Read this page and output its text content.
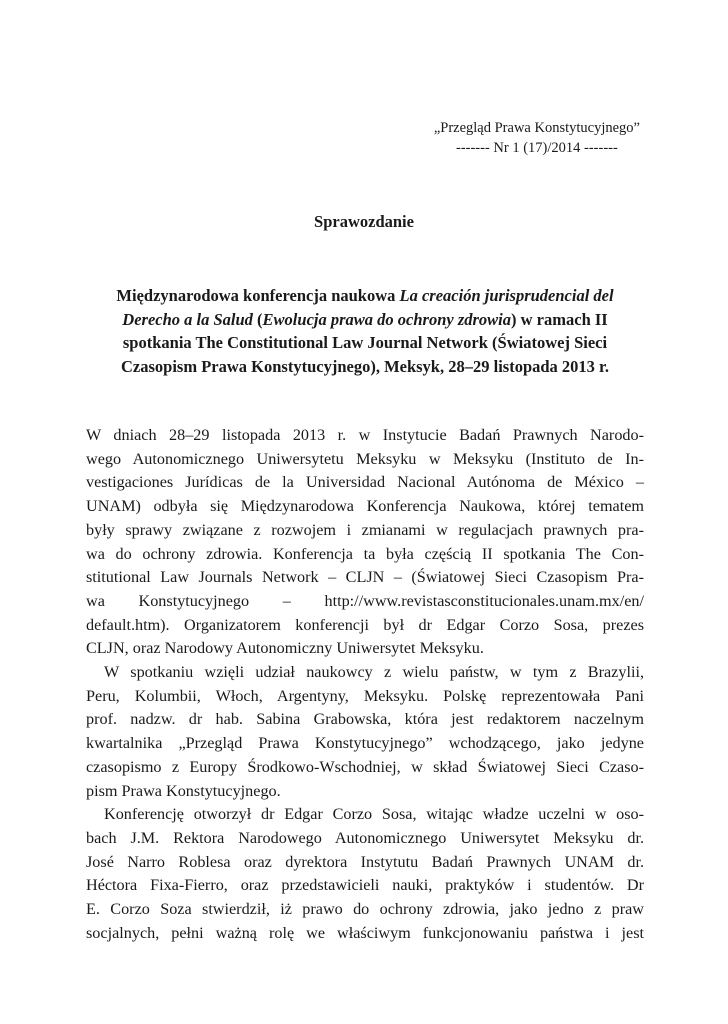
„Przegląd Prawa Konstytucyjnego”
------- Nr 1 (17)/2014 -------
Sprawozdanie
Międzynarodowa konferencja naukowa La creación jurisprudencial del
Derecho a la Salud (Ewolucja prawa do ochrony zdrowia) w ramach II
spotkania The Constitutional Law Journal Network (Światowej Sieci
Czasopism Prawa Konstytucyjnego), Meksyk, 28–29 listopada 2013 r.
W dniach 28–29 listopada 2013 r. w Instytucie Badań Prawnych Narodo-
wego Autonomicznego Uniwersytetu Meksyku w Meksyku (Instituto de In-
vestigaciones Jurídicas de la Universidad Nacional Autónoma de México –
UNAM) odbyła się Międzynarodowa Konferencja Naukowa, której tematem
były sprawy związane z rozwojem i zmianami w regulacjach prawnych pra-
wa do ochrony zdrowia. Konferencja ta była częścią II spotkania The Con-
stitutional Law Journals Network – CLJN – (Światowej Sieci Czasopism Pra-
wa Konstytucyjnego – http://www.revistasconstitucionales.unam.mx/en/
default.htm). Organizatorem konferencji był dr Edgar Corzo Sosa, prezes
CLJN, oraz Narodowy Autonomiczny Uniwersytet Meksyku.
W spotkaniu wzięli udział naukowcy z wielu państw, w tym z Brazylii,
Peru, Kolumbii, Włoch, Argentyny, Meksyku. Polskę reprezentowała Pani
prof. nadzw. dr hab. Sabina Grabowska, która jest redaktorem naczelnym
kwartalnika „Przegląd Prawa Konstytucyjnego” wchodzącego, jako jedyne
czasopismo z Europy Środkowo-Wschodniej, w skład Światowej Sieci Czaso-
pism Prawa Konstytucyjnego.
Konferencję otworzył dr Edgar Corzo Sosa, witając władze uczelni w oso-
bach J.M. Rektora Narodowego Autonomicznego Uniwersytet Meksyku dr.
José Narro Roblesa oraz dyrektora Instytutu Badań Prawnych UNAM dr.
Héctora Fixa-Fierro, oraz przedstawicieli nauki, praktyków i studentów. Dr
E. Corzo Soza stwierdził, iż prawo do ochrony zdrowia, jako jedno z praw
socjalnych, pełni ważną rolę we właściwym funkcjonowaniu państwa i jest
